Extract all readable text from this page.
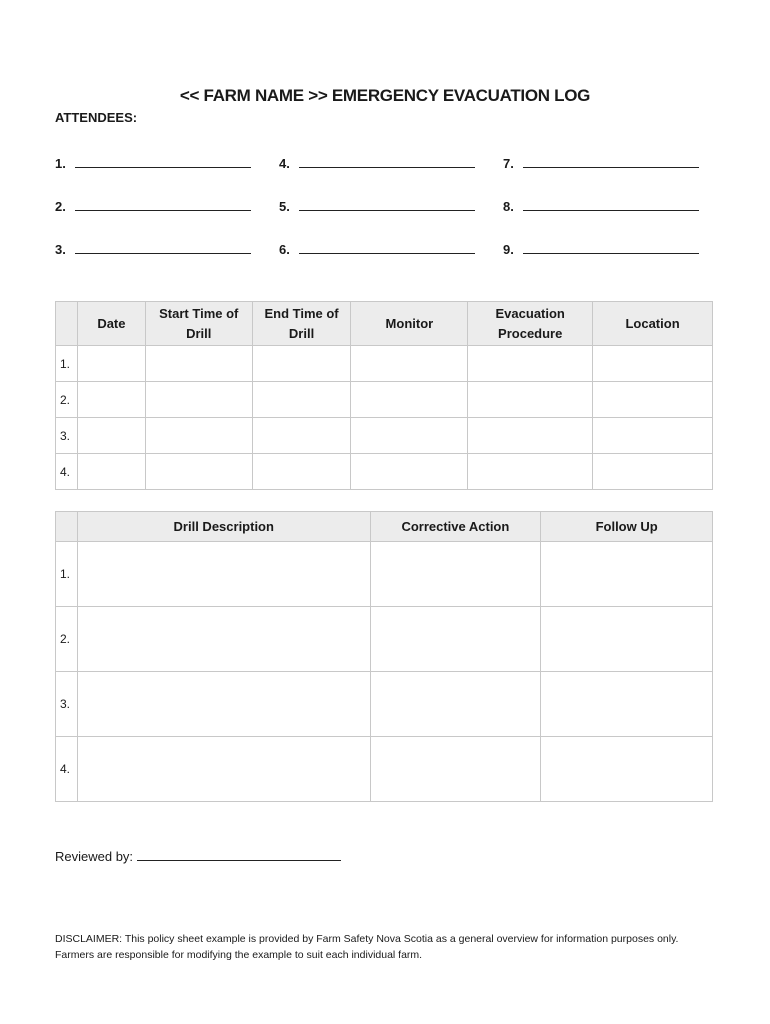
<< FARM NAME >> EMERGENCY EVACUATION LOG
ATTENDEES:
1.
2.
3.
4.
5.
6.
7.
8.
9.
	Date	Start Time of Drill	End Time of Drill	Monitor	Evacuation Procedure	Location
1.						
2.						
3.						
4.						
	Drill Description	Corrective Action	Follow Up
1.			
2.			
3.			
4.			
Reviewed by:
DISCLAIMER: This policy sheet example is provided by Farm Safety Nova Scotia as a general overview for information purposes only. Farmers are responsible for modifying the example to suit each individual farm.
